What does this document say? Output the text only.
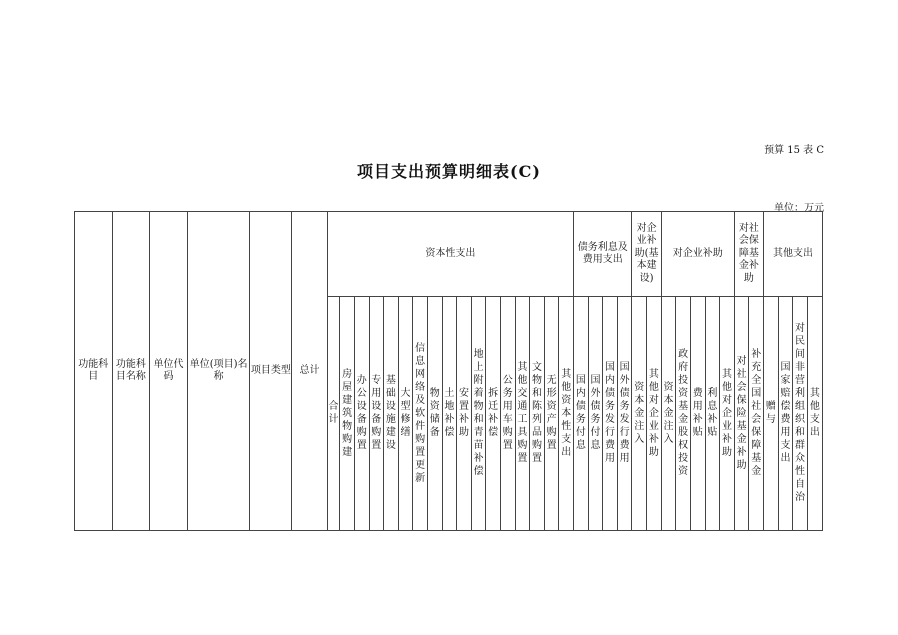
预算 15 表 C
项目支出预算明细表(C)
单位：万元
功能科目	功能科目名称	单位代码	单位(项目)名称	项目类型	总计	资本性支出																	债务利息及费用支出				对企业补助(基本建设)		对企业补助					对社会保障基金补助		其他支出			
						合计	房屋建筑物购建	办公设备购置	专用设备购置	基础设施建设	大型修缮	信息网络及软件购置更新	物资储备	土地补偿	安置补助	地上附着物和青苗补偿	拆迁补偿	公务用车购置	其他交通工具购置	文物和陈列品购置	无形资产购置	其他资本性支出	国内债务付息	国外债务付息	国内债务发行费用	国外债务发行费用	资本金注入	其他对企业补助	资本金注入	政府投资基金股权投资	费用补贴	利息补贴	其他对企业补助	对社会保险基金补助	补充全国社会保障基金	赠与	国家赔偿费用支出	对民间非营利组织和群众性自治	其他支出
